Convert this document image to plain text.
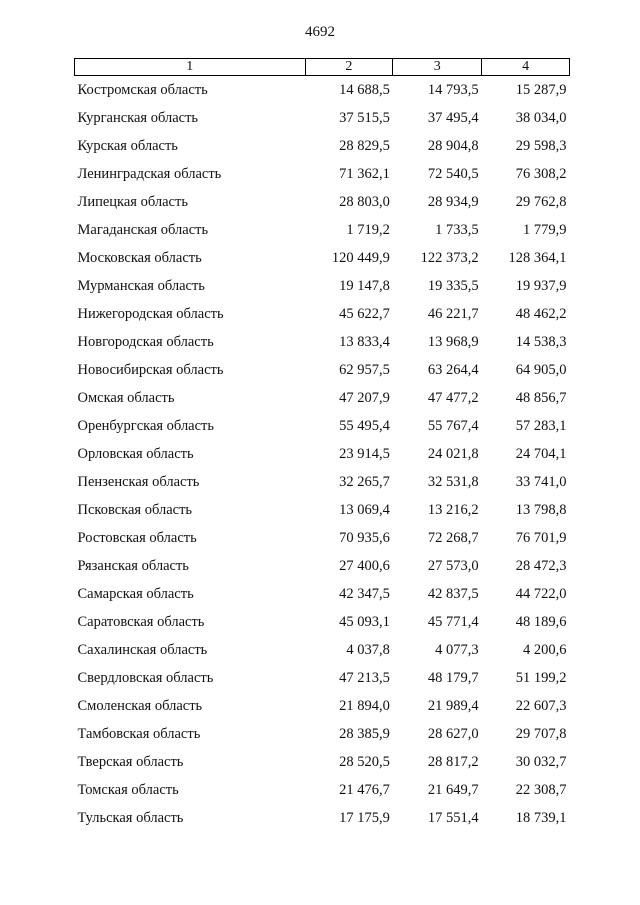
4692
1	2	3	4
Костромская область	14 688,5	14 793,5	15 287,9
Курганская область	37 515,5	37 495,4	38 034,0
Курская область	28 829,5	28 904,8	29 598,3
Ленинградская область	71 362,1	72 540,5	76 308,2
Липецкая область	28 803,0	28 934,9	29 762,8
Магаданская область	1 719,2	1 733,5	1 779,9
Московская область	120 449,9	122 373,2	128 364,1
Мурманская область	19 147,8	19 335,5	19 937,9
Нижегородская область	45 622,7	46 221,7	48 462,2
Новгородская область	13 833,4	13 968,9	14 538,3
Новосибирская область	62 957,5	63 264,4	64 905,0
Омская область	47 207,9	47 477,2	48 856,7
Оренбургская область	55 495,4	55 767,4	57 283,1
Орловская область	23 914,5	24 021,8	24 704,1
Пензенская область	32 265,7	32 531,8	33 741,0
Псковская область	13 069,4	13 216,2	13 798,8
Ростовская область	70 935,6	72 268,7	76 701,9
Рязанская область	27 400,6	27 573,0	28 472,3
Самарская область	42 347,5	42 837,5	44 722,0
Саратовская область	45 093,1	45 771,4	48 189,6
Сахалинская область	4 037,8	4 077,3	4 200,6
Свердловская область	47 213,5	48 179,7	51 199,2
Смоленская область	21 894,0	21 989,4	22 607,3
Тамбовская область	28 385,9	28 627,0	29 707,8
Тверская область	28 520,5	28 817,2	30 032,7
Томская область	21 476,7	21 649,7	22 308,7
Тульская область	17 175,9	17 551,4	18 739,1
